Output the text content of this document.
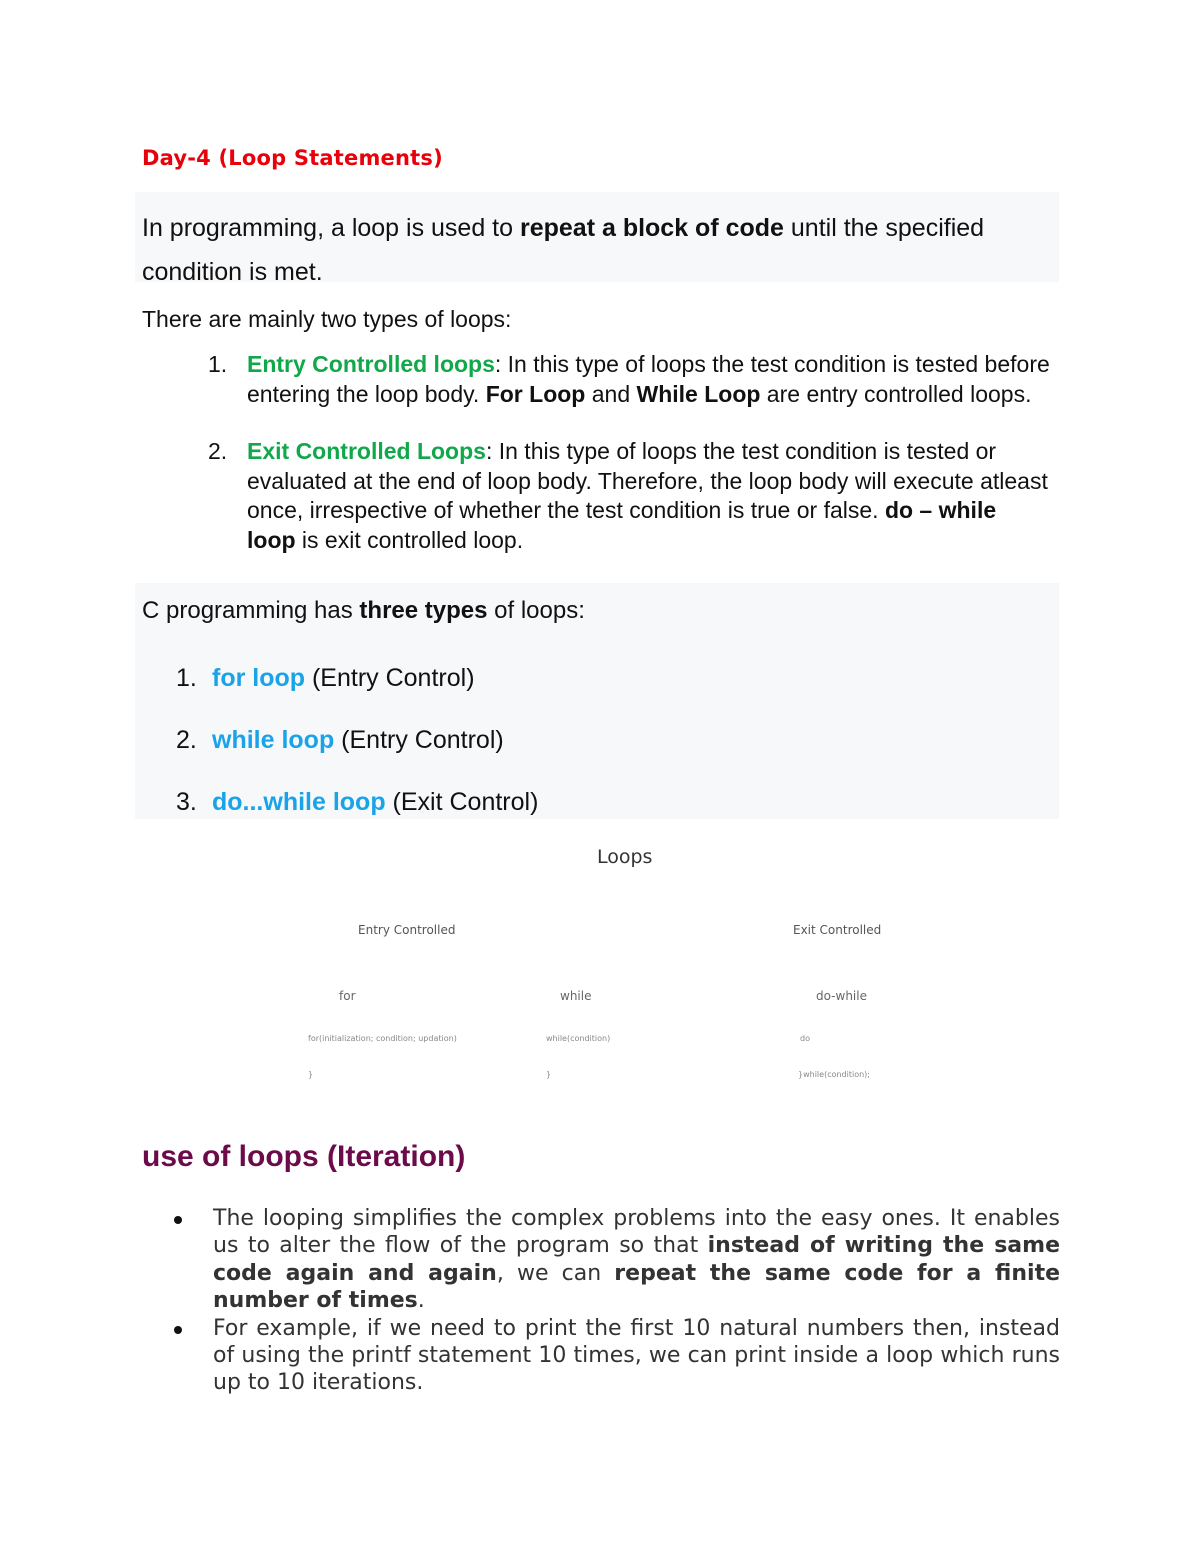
Day-4 (Loop Statements)
In programming, a loop is used to repeat a block of code until the specified condition is met.
There are mainly two types of loops:
1. Entry Controlled loops: In this type of loops the test condition is tested before entering the loop body. For Loop and While Loop are entry controlled loops.
2. Exit Controlled Loops: In this type of loops the test condition is tested or evaluated at the end of loop body. Therefore, the loop body will execute atleast once, irrespective of whether the test condition is true or false. do – while loop is exit controlled loop.
C programming has three types of loops:
1. for loop (Entry Control)
2. while loop (Entry Control)
3. do...while loop (Exit Control)
Loops
Entry Controlled	Exit Controlled
for	while	do-while
for(initialization; condition; updation)	while(condition)	do
}	}	}while(condition);
use of loops (Iteration)
The looping simplifies the complex problems into the easy ones. It enables us to alter the flow of the program so that instead of writing the same code again and again, we can repeat the same code for a finite number of times.
For example, if we need to print the first 10 natural numbers then, instead of using the printf statement 10 times, we can print inside a loop which runs up to 10 iterations.
